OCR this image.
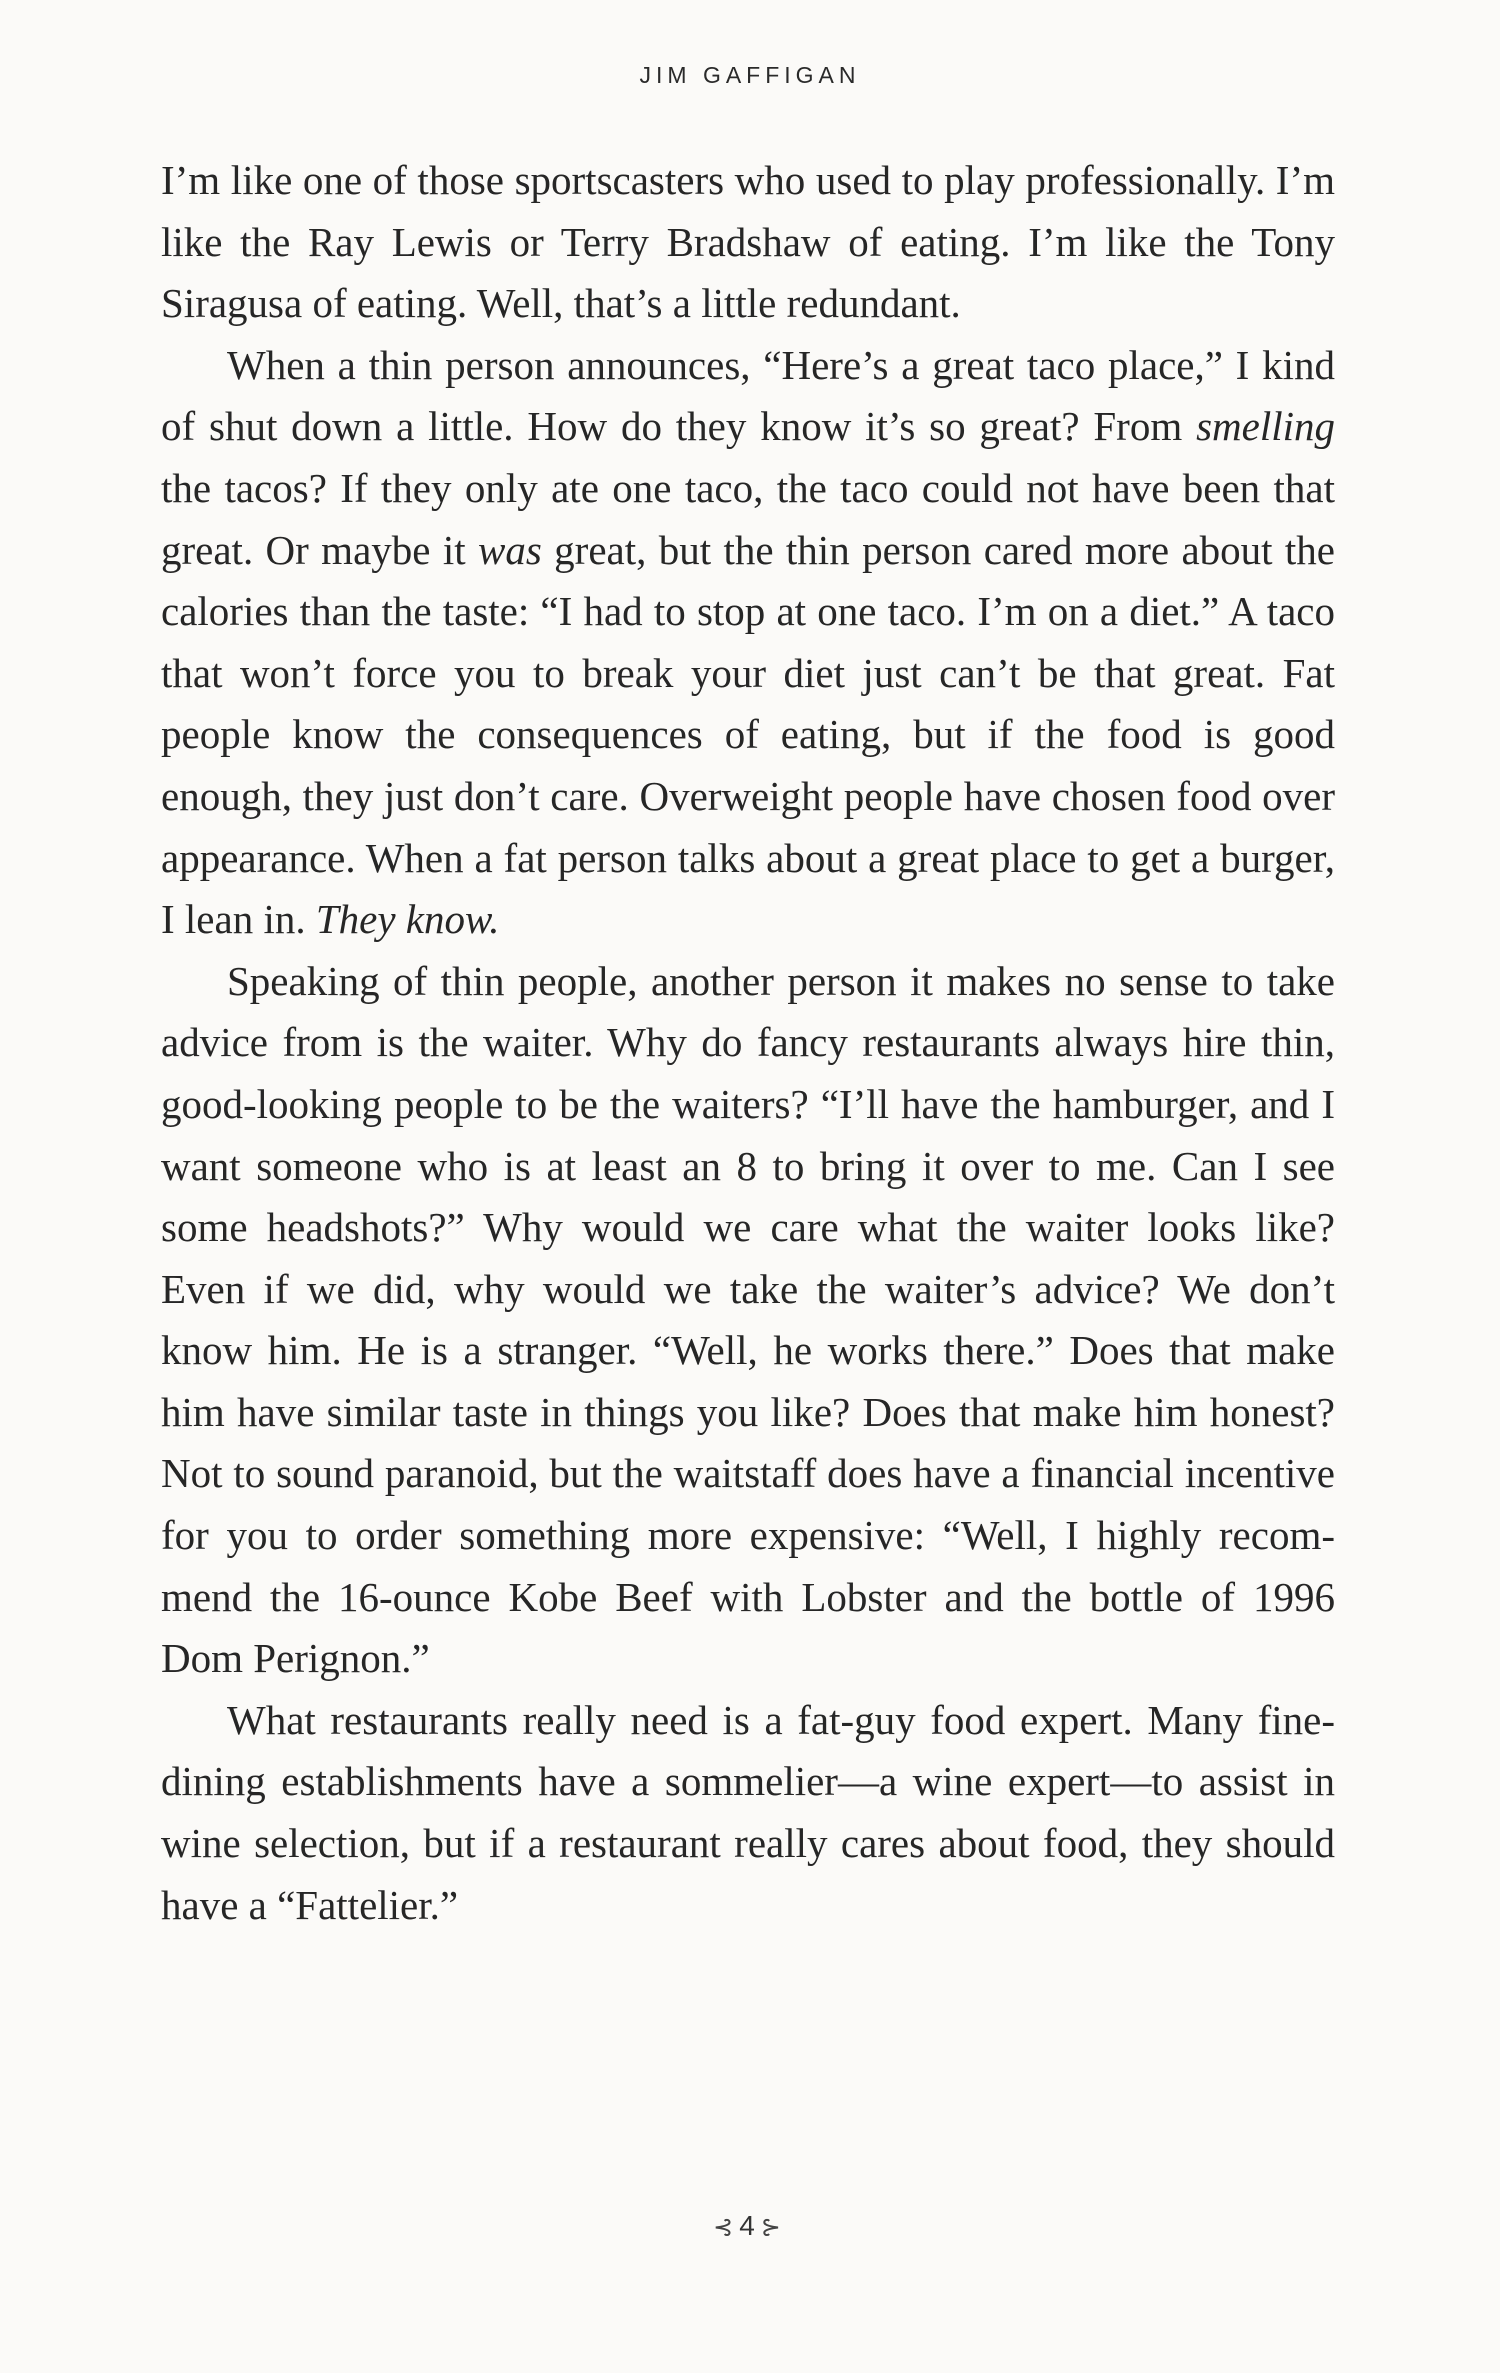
JIM GAFFIGAN

I’m like one of those sportscasters who used to play professionally. I’m like the Ray Lewis or Terry Bradshaw of eating. I’m like the Tony Siragusa of eating. Well, that’s a little redundant.

When a thin person announces, “Here’s a great taco place,” I kind of shut down a little. How do they know it’s so great? From smelling the tacos? If they only ate one taco, the taco could not have been that great. Or maybe it was great, but the thin person cared more about the calories than the taste: “I had to stop at one taco. I’m on a diet.” A taco that won’t force you to break your diet just can’t be that great. Fat people know the consequences of eating, but if the food is good enough, they just don’t care. Overweight people have chosen food over appearance. When a fat person talks about a great place to get a burger, I lean in. They know.

Speaking of thin people, another person it makes no sense to take advice from is the waiter. Why do fancy restaurants always hire thin, good-looking people to be the waiters? “I’ll have the hamburger, and I want someone who is at least an 8 to bring it over to me. Can I see some headshots?” Why would we care what the waiter looks like? Even if we did, why would we take the waiter’s advice? We don’t know him. He is a stranger. “Well, he works there.” Does that make him have similar taste in things you like? Does that make him honest? Not to sound paranoid, but the waitstaff does have a financial incentive for you to order something more expensive: “Well, I highly recommend the 16-ounce Kobe Beef with Lobster and the bottle of 1996 Dom Perignon.”

What restaurants really need is a fat-guy food expert. Many fine-dining establishments have a sommelier—a wine expert—to assist in wine selection, but if a restaurant really cares about food, they should have a “Fattelier.”

⊰4⊱
